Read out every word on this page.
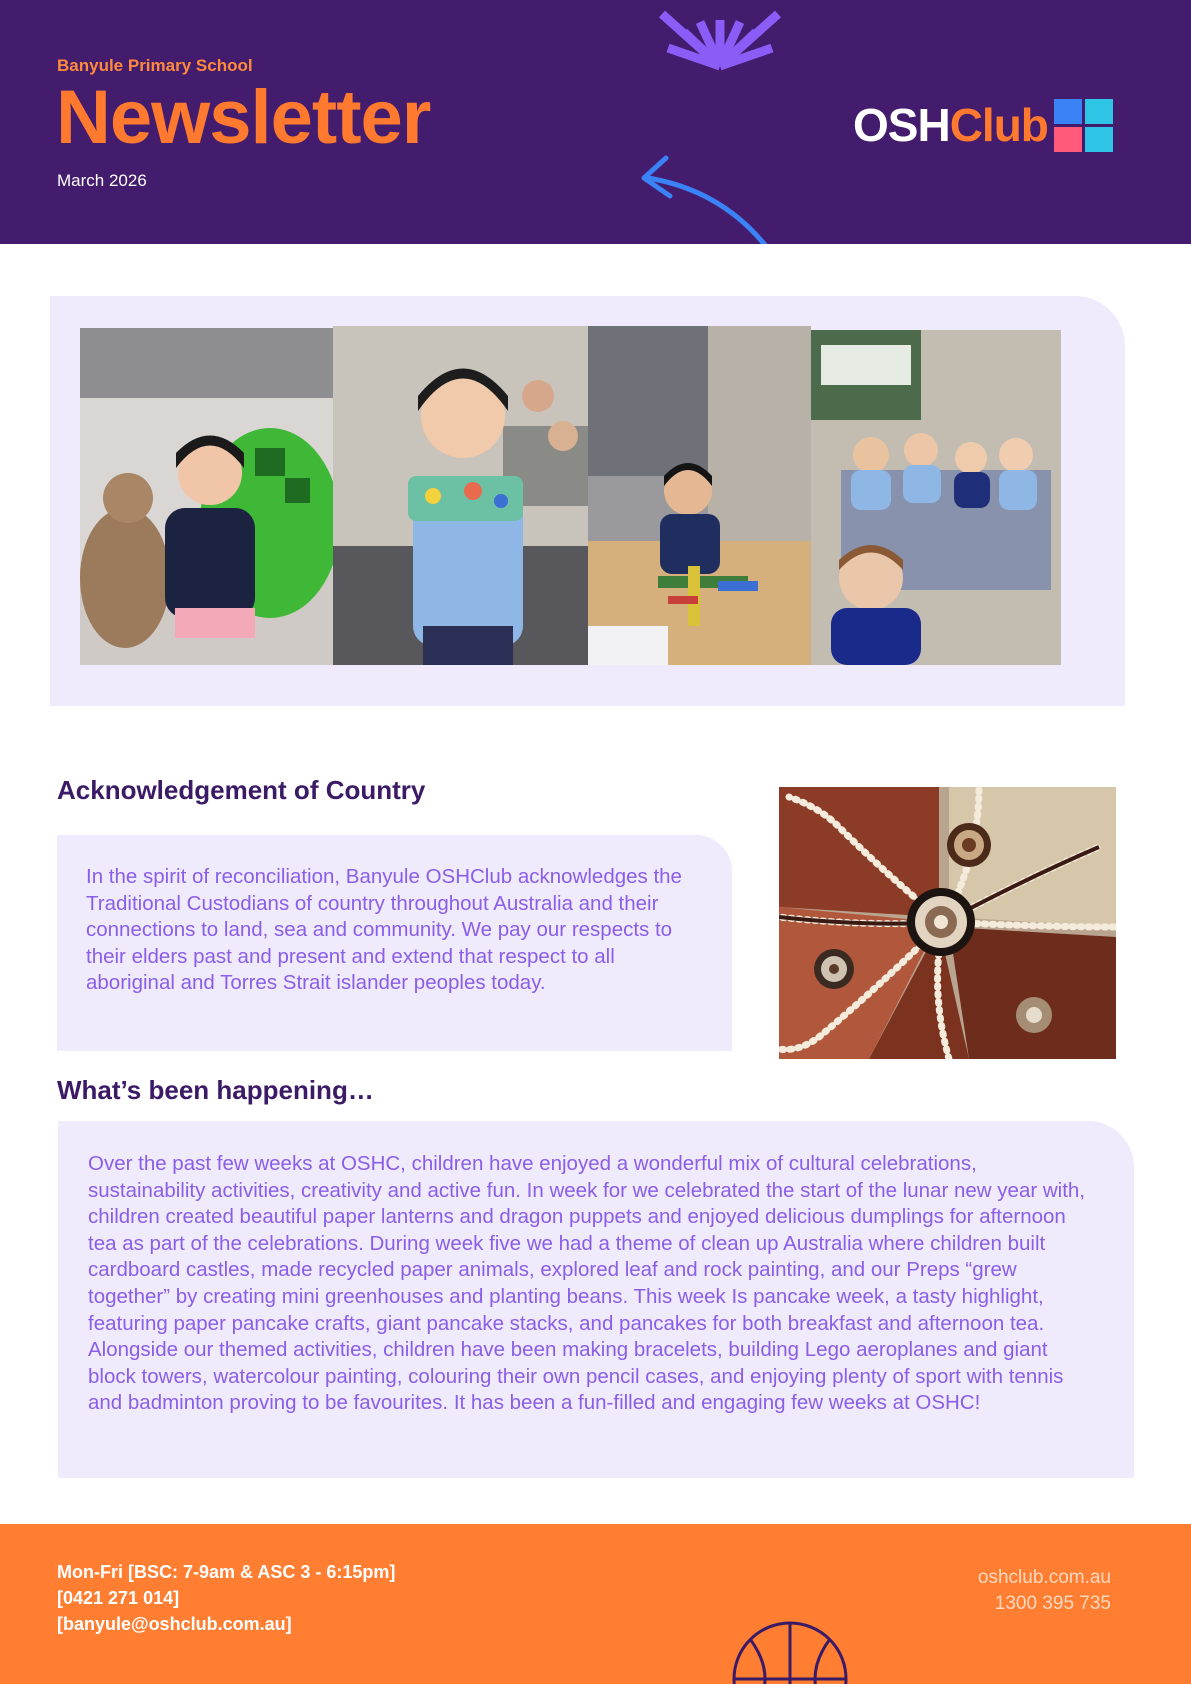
Banyule Primary School
Newsletter
March 2026
OSH Club
Acknowledgement of Country
In the spirit of reconciliation, Banyule OSHClub acknowledges the Traditional Custodians of country throughout Australia and their connections to land, sea and community. We pay our respects to their elders past and present and extend that respect to all aboriginal and Torres Strait islander peoples today.
What’s been happening…
Over the past few weeks at OSHC, children have enjoyed a wonderful mix of cultural celebrations, sustainability activities, creativity and active fun. In week for we celebrated the start of the lunar new year with, children created beautiful paper lanterns and dragon puppets and enjoyed delicious dumplings for afternoon tea as part of the celebrations. During week five we had a theme of clean up Australia where children built cardboard castles, made recycled paper animals, explored leaf and rock painting, and our Preps “grew together” by creating mini greenhouses and planting beans. This week Is pancake week, a tasty highlight, featuring paper pancake crafts, giant pancake stacks, and pancakes for both breakfast and afternoon tea. Alongside our themed activities, children have been making bracelets, building Lego aeroplanes and giant block towers, watercolour painting, colouring their own pencil cases, and enjoying plenty of sport with tennis and badminton proving to be favourites. It has been a fun-filled and engaging few weeks at OSHC!
Mon-Fri [BSC: 7-9am & ASC 3 - 6:15pm]
[0421 271 014]
[banyule@oshclub.com.au]
oshclub.com.au
1300 395 735
